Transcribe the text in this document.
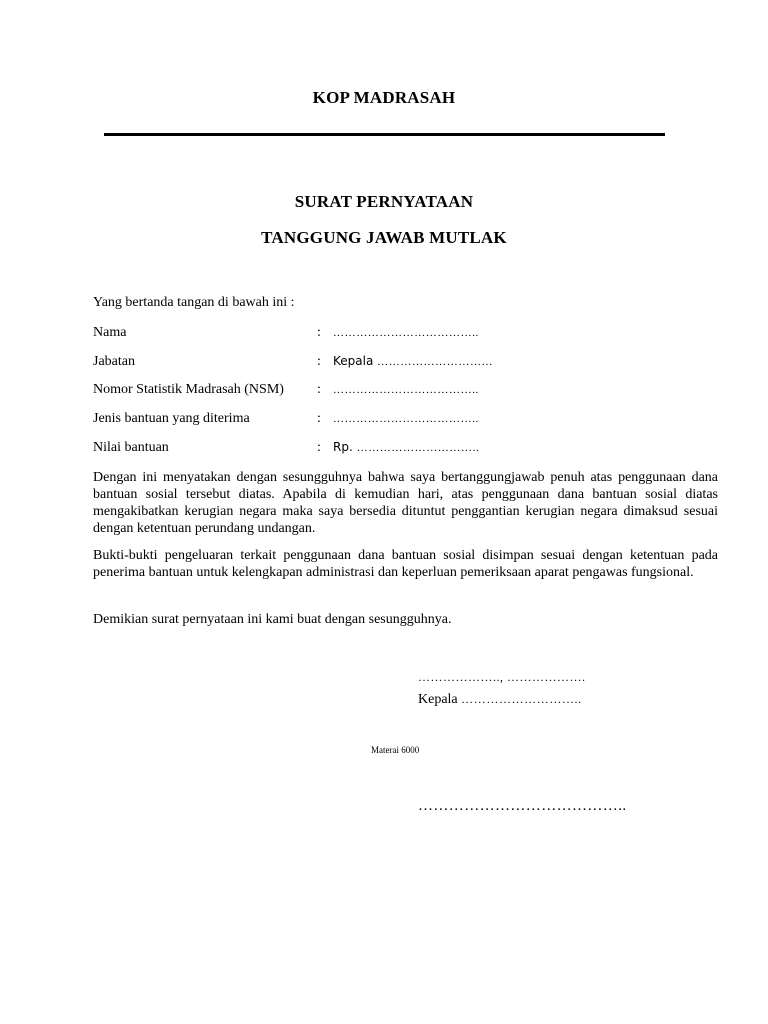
KOP MADRASAH
SURAT PERNYATAAN
TANGGUNG JAWAB MUTLAK
Yang bertanda tangan di bawah ini :
Nama	: ………………………………..
Jabatan	: Kepala …………………………
Nomor Statistik Madrasah (NSM) : ………………………………..
Jenis bantuan yang diterima	: ………………………………..
Nilai bantuan	: Rp. …………………………..

Dengan ini menyatakan dengan sesungguhnya bahwa saya bertanggungjawab penuh atas penggunaan dana bantuan sosial tersebut diatas. Apabila di kemudian hari, atas penggunaan dana bantuan sosial diatas mengakibatkan kerugian negara maka saya bersedia dituntut penggantian kerugian negara dimaksud sesuai dengan ketentuan perundang undangan.

Bukti-bukti pengeluaran terkait penggunaan dana bantuan sosial disimpan sesuai dengan ketentuan pada penerima bantuan untuk kelengkapan administrasi dan keperluan pemeriksaan aparat pengawas fungsional.

Demikian surat pernyataan ini kami buat dengan sesungguhnya.

……………….., ……………….
Kepala ………………………..
Materai 6000
…………………………………..
